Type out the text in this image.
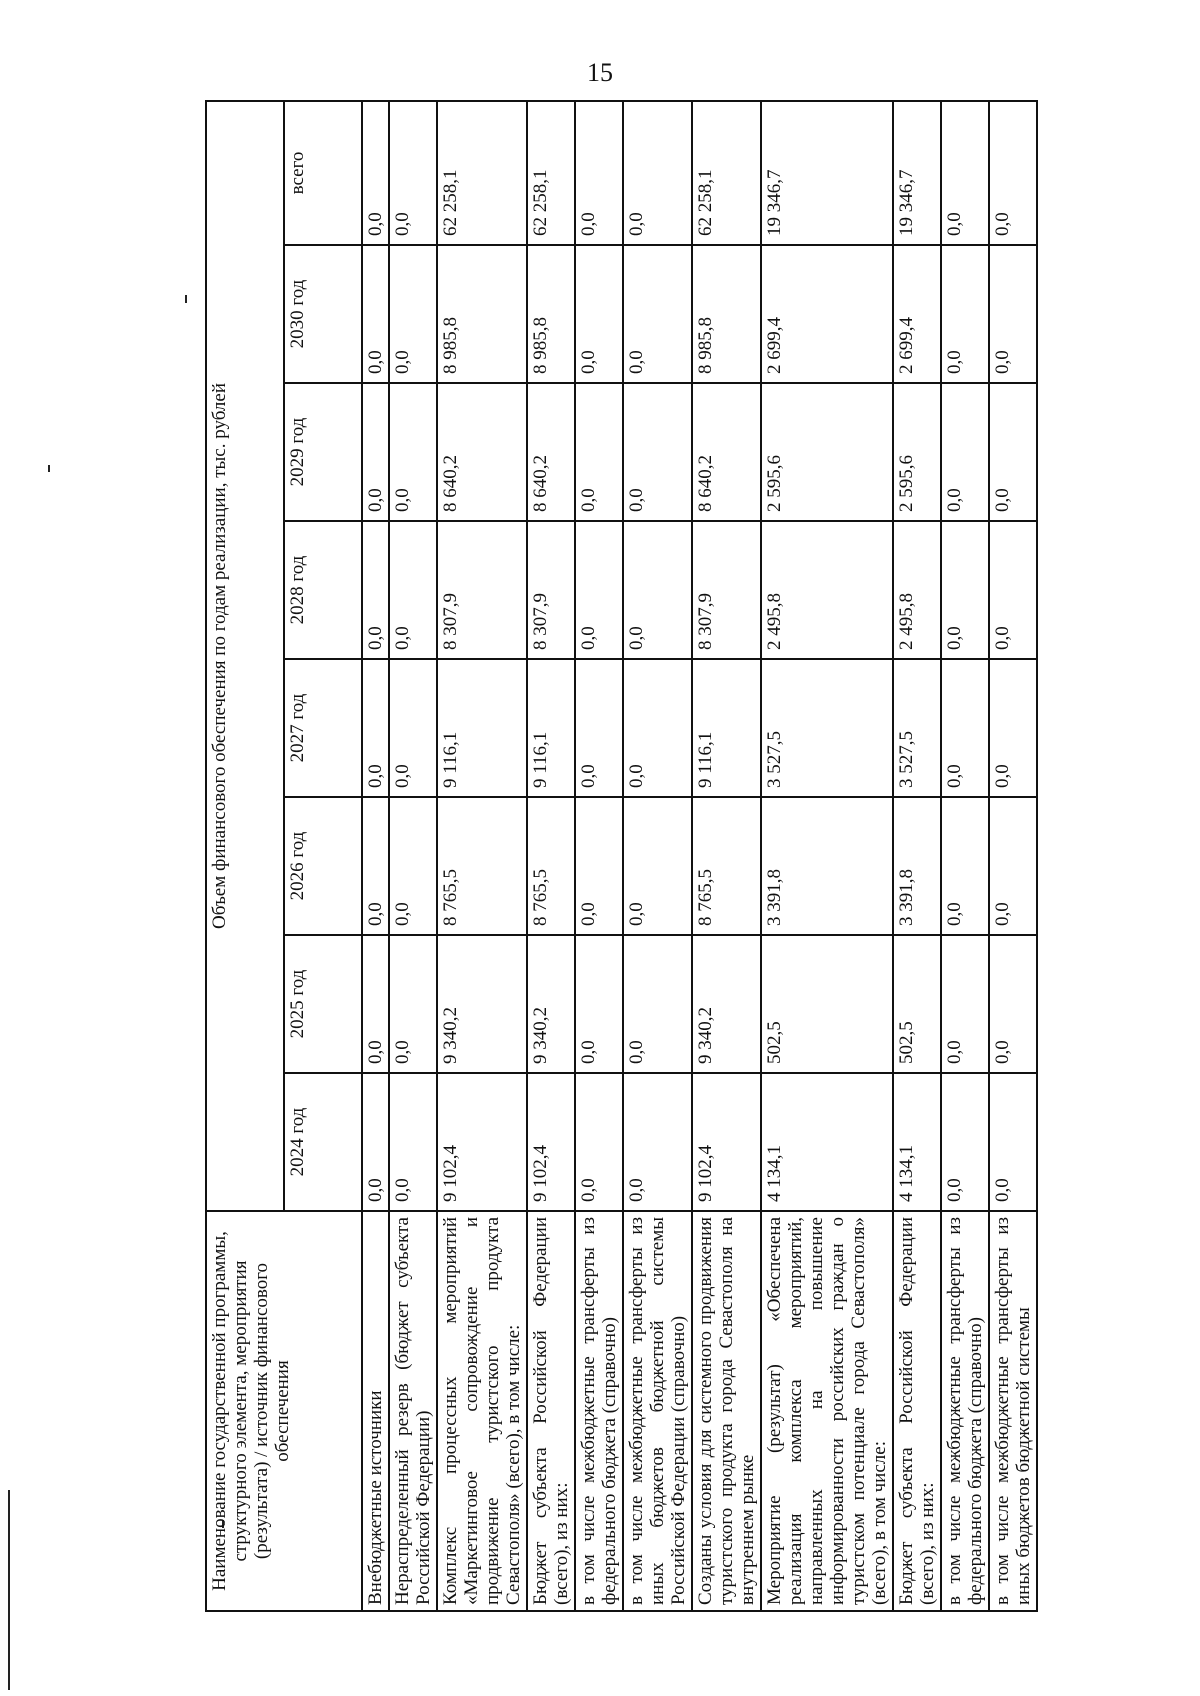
15
Наименование государственной программы, структурного элемента, мероприятия (результата) / источник финансового обеспечения	Объем финансового обеспечения по годам реализации, тыс. рублей							
	2024 год	2025 год	2026 год	2027 год	2028 год	2029 год	2030 год	всего
Внебюджетные источники	0,0	0,0	0,0	0,0	0,0	0,0	0,0	0,0
Нераспределенный резерв (бюджет субъекта Российской Федерации)	0,0	0,0	0,0	0,0	0,0	0,0	0,0	0,0
Комплекс процессных мероприятий «Маркетинговое сопровождение и продвижение туристского продукта Севастополя» (всего), в том числе:	9 102,4	9 340,2	8 765,5	9 116,1	8 307,9	8 640,2	8 985,8	62 258,1
Бюджет субъекта Российской Федерации (всего), из них:	9 102,4	9 340,2	8 765,5	9 116,1	8 307,9	8 640,2	8 985,8	62 258,1
в том числе межбюджетные трансферты из федерального бюджета (справочно)	0,0	0,0	0,0	0,0	0,0	0,0	0,0	0,0
в том числе межбюджетные трансферты из иных бюджетов бюджетной системы Российской Федерации (справочно)	0,0	0,0	0,0	0,0	0,0	0,0	0,0	0,0
Созданы условия для системного продвижения туристского продукта города Севастополя на внутреннем рынке	9 102,4	9 340,2	8 765,5	9 116,1	8 307,9	8 640,2	8 985,8	62 258,1
Мероприятие (результат) «Обеспечена реализация комплекса мероприятий, направленных на повышение информированности российских граждан о туристском потенциале города Севастополя» (всего), в том числе:	4 134,1	502,5	3 391,8	3 527,5	2 495,8	2 595,6	2 699,4	19 346,7
Бюджет субъекта Российской Федерации (всего), из них:	4 134,1	502,5	3 391,8	3 527,5	2 495,8	2 595,6	2 699,4	19 346,7
в том числе межбюджетные трансферты из федерального бюджета (справочно)	0,0	0,0	0,0	0,0	0,0	0,0	0,0	0,0
в том числе межбюджетные трансферты из иных бюджетов бюджетной системы	0,0	0,0	0,0	0,0	0,0	0,0	0,0	0,0
